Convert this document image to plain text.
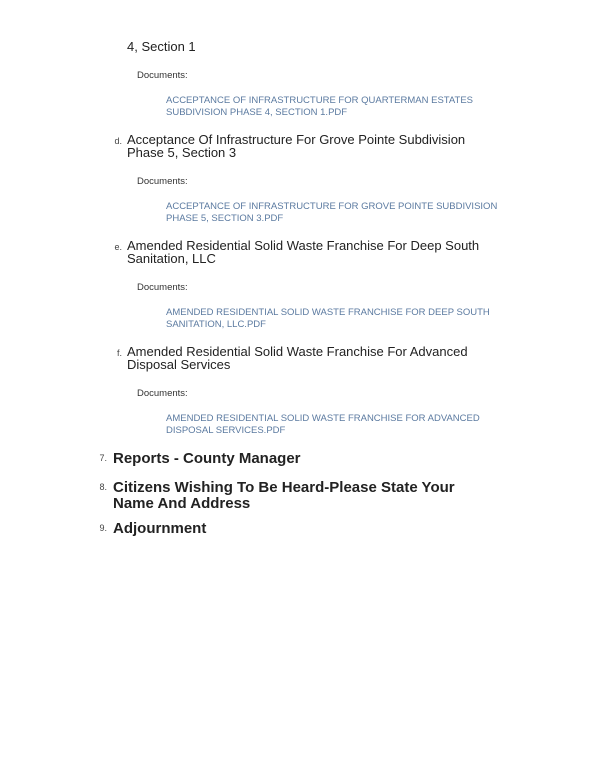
4, Section 1
Documents:
ACCEPTANCE OF INFRASTRUCTURE FOR QUARTERMAN ESTATES SUBDIVISION PHASE 4, SECTION 1.PDF
d. Acceptance Of Infrastructure For Grove Pointe Subdivision Phase 5, Section 3
Documents:
ACCEPTANCE OF INFRASTRUCTURE FOR GROVE POINTE SUBDIVISION PHASE 5, SECTION 3.PDF
e. Amended Residential Solid Waste Franchise For Deep South Sanitation, LLC
Documents:
AMENDED RESIDENTIAL SOLID WASTE FRANCHISE FOR DEEP SOUTH SANITATION, LLC.PDF
f. Amended Residential Solid Waste Franchise For Advanced Disposal Services
Documents:
AMENDED RESIDENTIAL SOLID WASTE FRANCHISE FOR ADVANCED DISPOSAL SERVICES.PDF
7. Reports - County Manager
8. Citizens Wishing To Be Heard-Please State Your Name And Address
9. Adjournment
